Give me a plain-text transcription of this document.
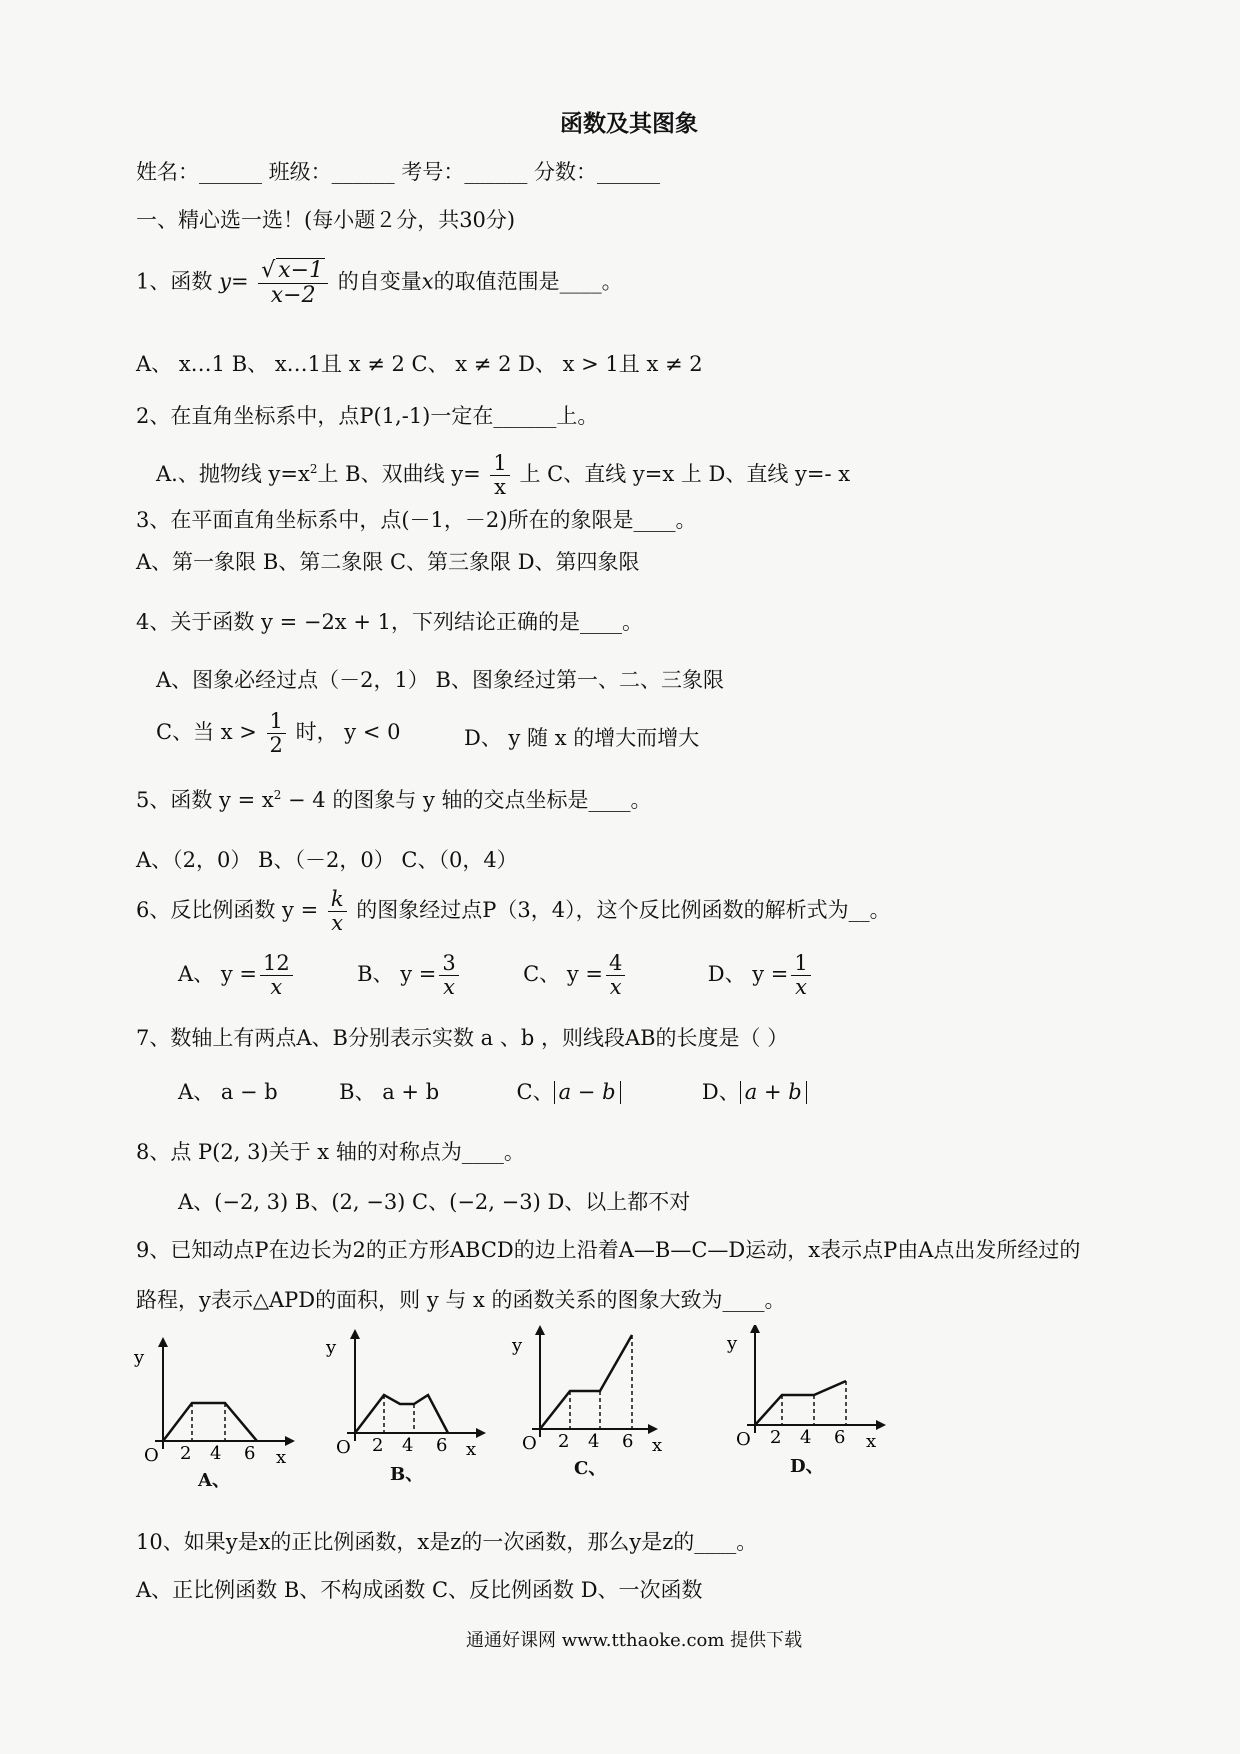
函数及其图象
姓名：______ 班级：______ 考号：______ 分数：______
一、精心选一选！(每小题２分，共30分)
1、函数 $y= \frac{√ x-1}{x-2}$ 的自变量x的取值范围是____。
A、 x…1 B、 x…1且 x ≠ 2 C、 x ≠ 2 D、 x > 1且 x ≠ 2
2、在直角坐标系中，点P(1,-1)一定在______上。
A.、抛物线 $y=x^2$上 B、双曲线 $y= \frac{1}{x}$ 上 C、直线 y=x 上 D、直线 y=- x
3、在平面直角坐标系中，点(－1，－2)所在的象限是____。
A、第一象限 B、第二象限 C、第三象限 D、第四象限
4、关于函数 y = −2x + 1，下列结论正确的是____。
A、图象必经过点（－2，1） B、图象经过第一、二、三象限
C、当 $x > \frac{1}{2}$ 时， y < 0	D、 y 随 x 的增大而增大
5、函数 $y = x^2 - 4$ 的图象与 y 轴的交点坐标是____。
A、（2，0） B、（－2，0） C、（0，4）
6、反比例函数 $y = \frac{k}{x}$ 的图象经过点P（3，4），这个反比例函数的解析式为__。
A、 $y = \frac{12}{x}$	B、 $y = \frac{3}{x}$	C、 $y = \frac{4}{x}$	D、 $y = \frac{1}{x}$
7、数轴上有两点A、B分别表示实数 a 、b ，则线段AB的长度是（ ）
A、 a − b	B、 a + b	C、 a − b	D、 a + b
8、点 P(2, 3)关于 x 轴的对称点为____。
A、(−2, 3) B、(2, −3) C、(−2, −3) D、以上都不对
9、已知动点P在边长为2的正方形ABCD的边上沿着A—B—C—D运动，x表示点P由A点出发所经过的
路程，y表示△APD的面积，则 y 与 x 的函数关系的图象大致为____。
y
O 2 4 6 x
y
O 2 4 6 x
y
O 2 4 6 x
y
O 2 4 6 x
A、	B、	C、	D、
10、如果y是x的正比例函数，x是z的一次函数，那么y是z的____。
A、正比例函数 B、不构成函数 C、反比例函数 D、一次函数
通通好课网 www.tthaoke.com 提供下载
